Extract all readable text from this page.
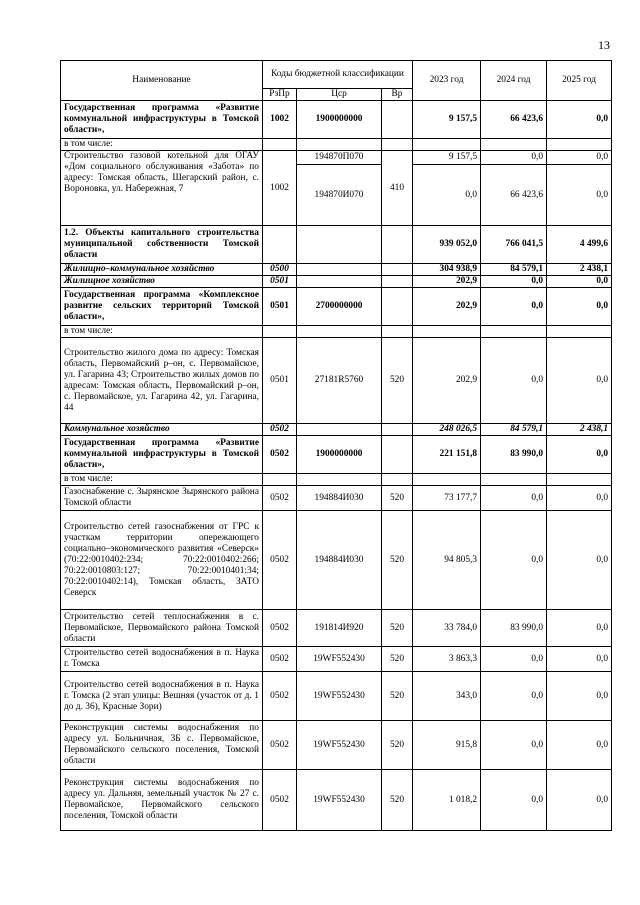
13
Наименование	Коды бюджетной классификации			2023 год	2024 год	2025 год
	РзПр	Цср	Вр			
Государственная программа «Развитие коммунальной инфраструктуры в Томской области»,	1002	1900000000		9 157,5	66 423,6	0,0
в том числе:						
Строительство газовой котельной для ОГАУ «Дом социального обслуживания «Забота» по адресу: Томская область, Шегарский район, с. Вороновка, ул. Набережная, 7	1002	194870П070	410	9 157,5	0,0	0,0
		194870И070		0,0	66 423,6	0,0
1.2. Объекты капитального строительства муниципальной собственности Томской области				939 052,0	766 041,5	4 499,6
Жилищно–коммунальное хозяйство	0500			304 938,9	84 579,1	2 438,1
Жилищное хозяйство	0501			202,9	0,0	0,0
Государственная программа «Комплексное развитие сельских территорий Томской области»,	0501	2700000000		202,9	0,0	0,0
в том числе:						
Строительство жилого дома по адресу: Томская область, Первомайский р–он, с. Первомайское, ул. Гагарина 43; Строительство жилых домов по адресам: Томская область, Первомайский р–он, с. Первомайское, ул. Гагарина 42, ул. Гагарина, 44	0501	27181R5760	520	202,9	0,0	0,0
Коммунальное хозяйство	0502			248 026,5	84 579,1	2 438,1
Государственная программа «Развитие коммунальной инфраструктуры в Томской области»,	0502	1900000000		221 151,8	83 990,0	0,0
в том числе:						
Газоснабжение с. Зырянское Зырянского района Томской области	0502	194884И030	520	73 177,7	0,0	0,0
Строительство сетей газоснабжения от ГРС к участкам территории опережающего социально–экономического развития «Северск» (70:22:0010402:234; 70:22:0010402:266; 70:22:0010803:127; 70:22:0010401:34; 70:22:0010402:14), Томская область, ЗАТО Северск	0502	194884И030	520	94 805,3	0,0	0,0
Строительство сетей теплоснабжения в с. Первомайское, Первомайского района Томской области	0502	191814И920	520	33 784,0	83 990,0	0,0
Строительство сетей водоснабжения в п. Наука г. Томска	0502	19WF552430	520	3 863,3	0,0	0,0
Строительство сетей водоснабжения в п. Наука г. Томска (2 этап улицы: Вешняя (участок от д. 1 до д. 36), Красные Зори)	0502	19WF552430	520	343,0	0,0	0,0
Реконструкция системы водоснабжения по адресу ул. Больничная, 3Б с. Первомайское, Первомайского сельского поселения, Томской области	0502	19WF552430	520	915,8	0,0	0,0
Реконструкция системы водоснабжения по адресу ул. Дальняя, земельный участок № 27 с. Первомайское, Первомайского сельского поселения, Томской области	0502	19WF552430	520	1 018,2	0,0	0,0
